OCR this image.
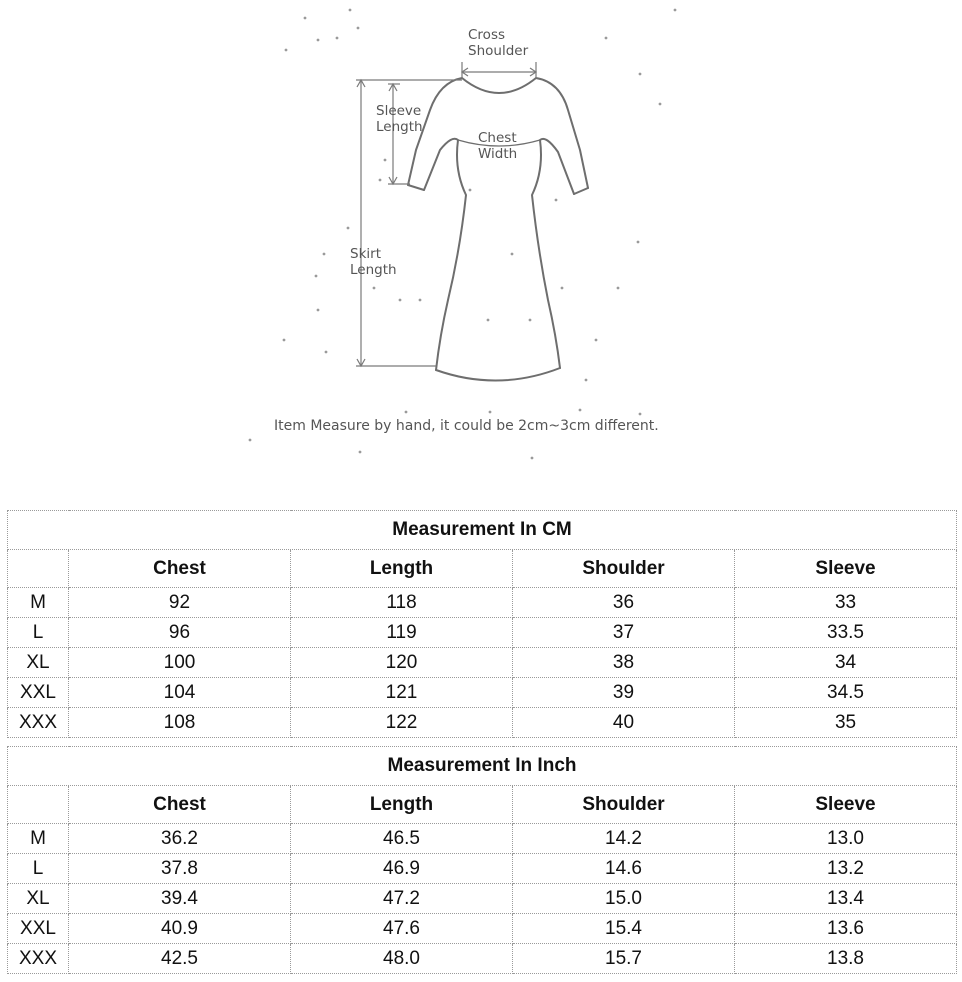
Cross
Shoulder
Sleeve
Length
Chest
Width
Skirt
Length
Item Measure by hand, it could be 2cm~3cm different.
Measurement In CM				
	Chest	Length	Shoulder	Sleeve
M	92	118	36	33
L	96	119	37	33.5
XL	100	120	38	34
XXL	104	121	39	34.5
XXX	108	122	40	35
Measurement In Inch				
	Chest	Length	Shoulder	Sleeve
M	36.2	46.5	14.2	13.0
L	37.8	46.9	14.6	13.2
XL	39.4	47.2	15.0	13.4
XXL	40.9	47.6	15.4	13.6
XXX	42.5	48.0	15.7	13.8
